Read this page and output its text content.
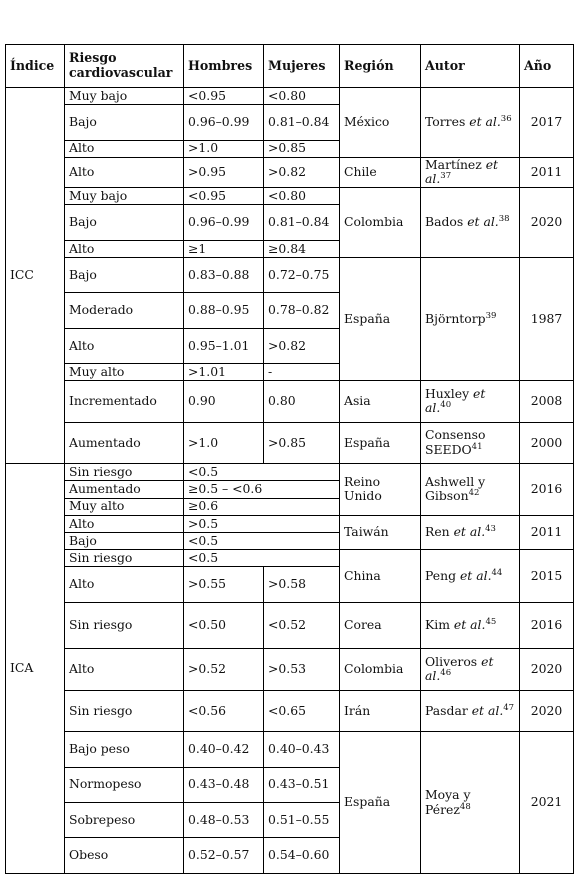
Índice	Riesgo cardiovascular	Hombres	Mujeres	Región	Autor	Año
ICC	Muy bajo	<0.95	<0.80	México	Torres et al.$^{36}$	2017
	Bajo	0.96–0.99	0.81–0.84			
	Alto	>1.0	>0.85			
	Alto	>0.95	>0.82	Chile	Martínez et al.$^{37}$	2011
	Muy bajo	<0.95	<0.80	Colombia	Bados et al.$^{38}$	2020
	Bajo	0.96–0.99	0.81–0.84			
	Alto	≥1	≥0.84			
	Bajo	0.83–0.88	0.72–0.75	España	Björntorp$^{39}$	1987
	Moderado	0.88–0.95	0.78–0.82			
	Alto	0.95–1.01	>0.82			
	Muy alto	>1.01	-			
	Incrementado	0.90	0.80	Asia	Huxley et al.$^{40}$	2008
	Aumentado	>1.0	>0.85	España	Consenso SEEDO$^{41}$	2000
ICA	Sin riesgo	<0.5		Reino Unido	Ashwell y Gibson$^{42}$	2016
	Aumentado	≥0.5 – <0.6				
	Muy alto	≥0.6				
	Alto	>0.5		Taiwán	Ren et al.$^{43}$	2011
	Bajo	<0.5				
	Sin riesgo	<0.5		China	Peng et al.$^{44}$	2015
	Alto	>0.55	>0.58			
	Sin riesgo	<0.50	<0.52	Corea	Kim et al.$^{45}$	2016
	Alto	>0.52	>0.53	Colombia	Oliveros et al.$^{46}$	2020
	Sin riesgo	<0.56	<0.65	Irán	Pasdar et al.$^{47}$	2020
	Bajo peso	0.40–0.42	0.40–0.43	España	Moya y Pérez$^{48}$	2021
	Normopeso	0.43–0.48	0.43–0.51			
	Sobrepeso	0.48–0.53	0.51–0.55			
	Obeso	0.52–0.57	0.54–0.60			
